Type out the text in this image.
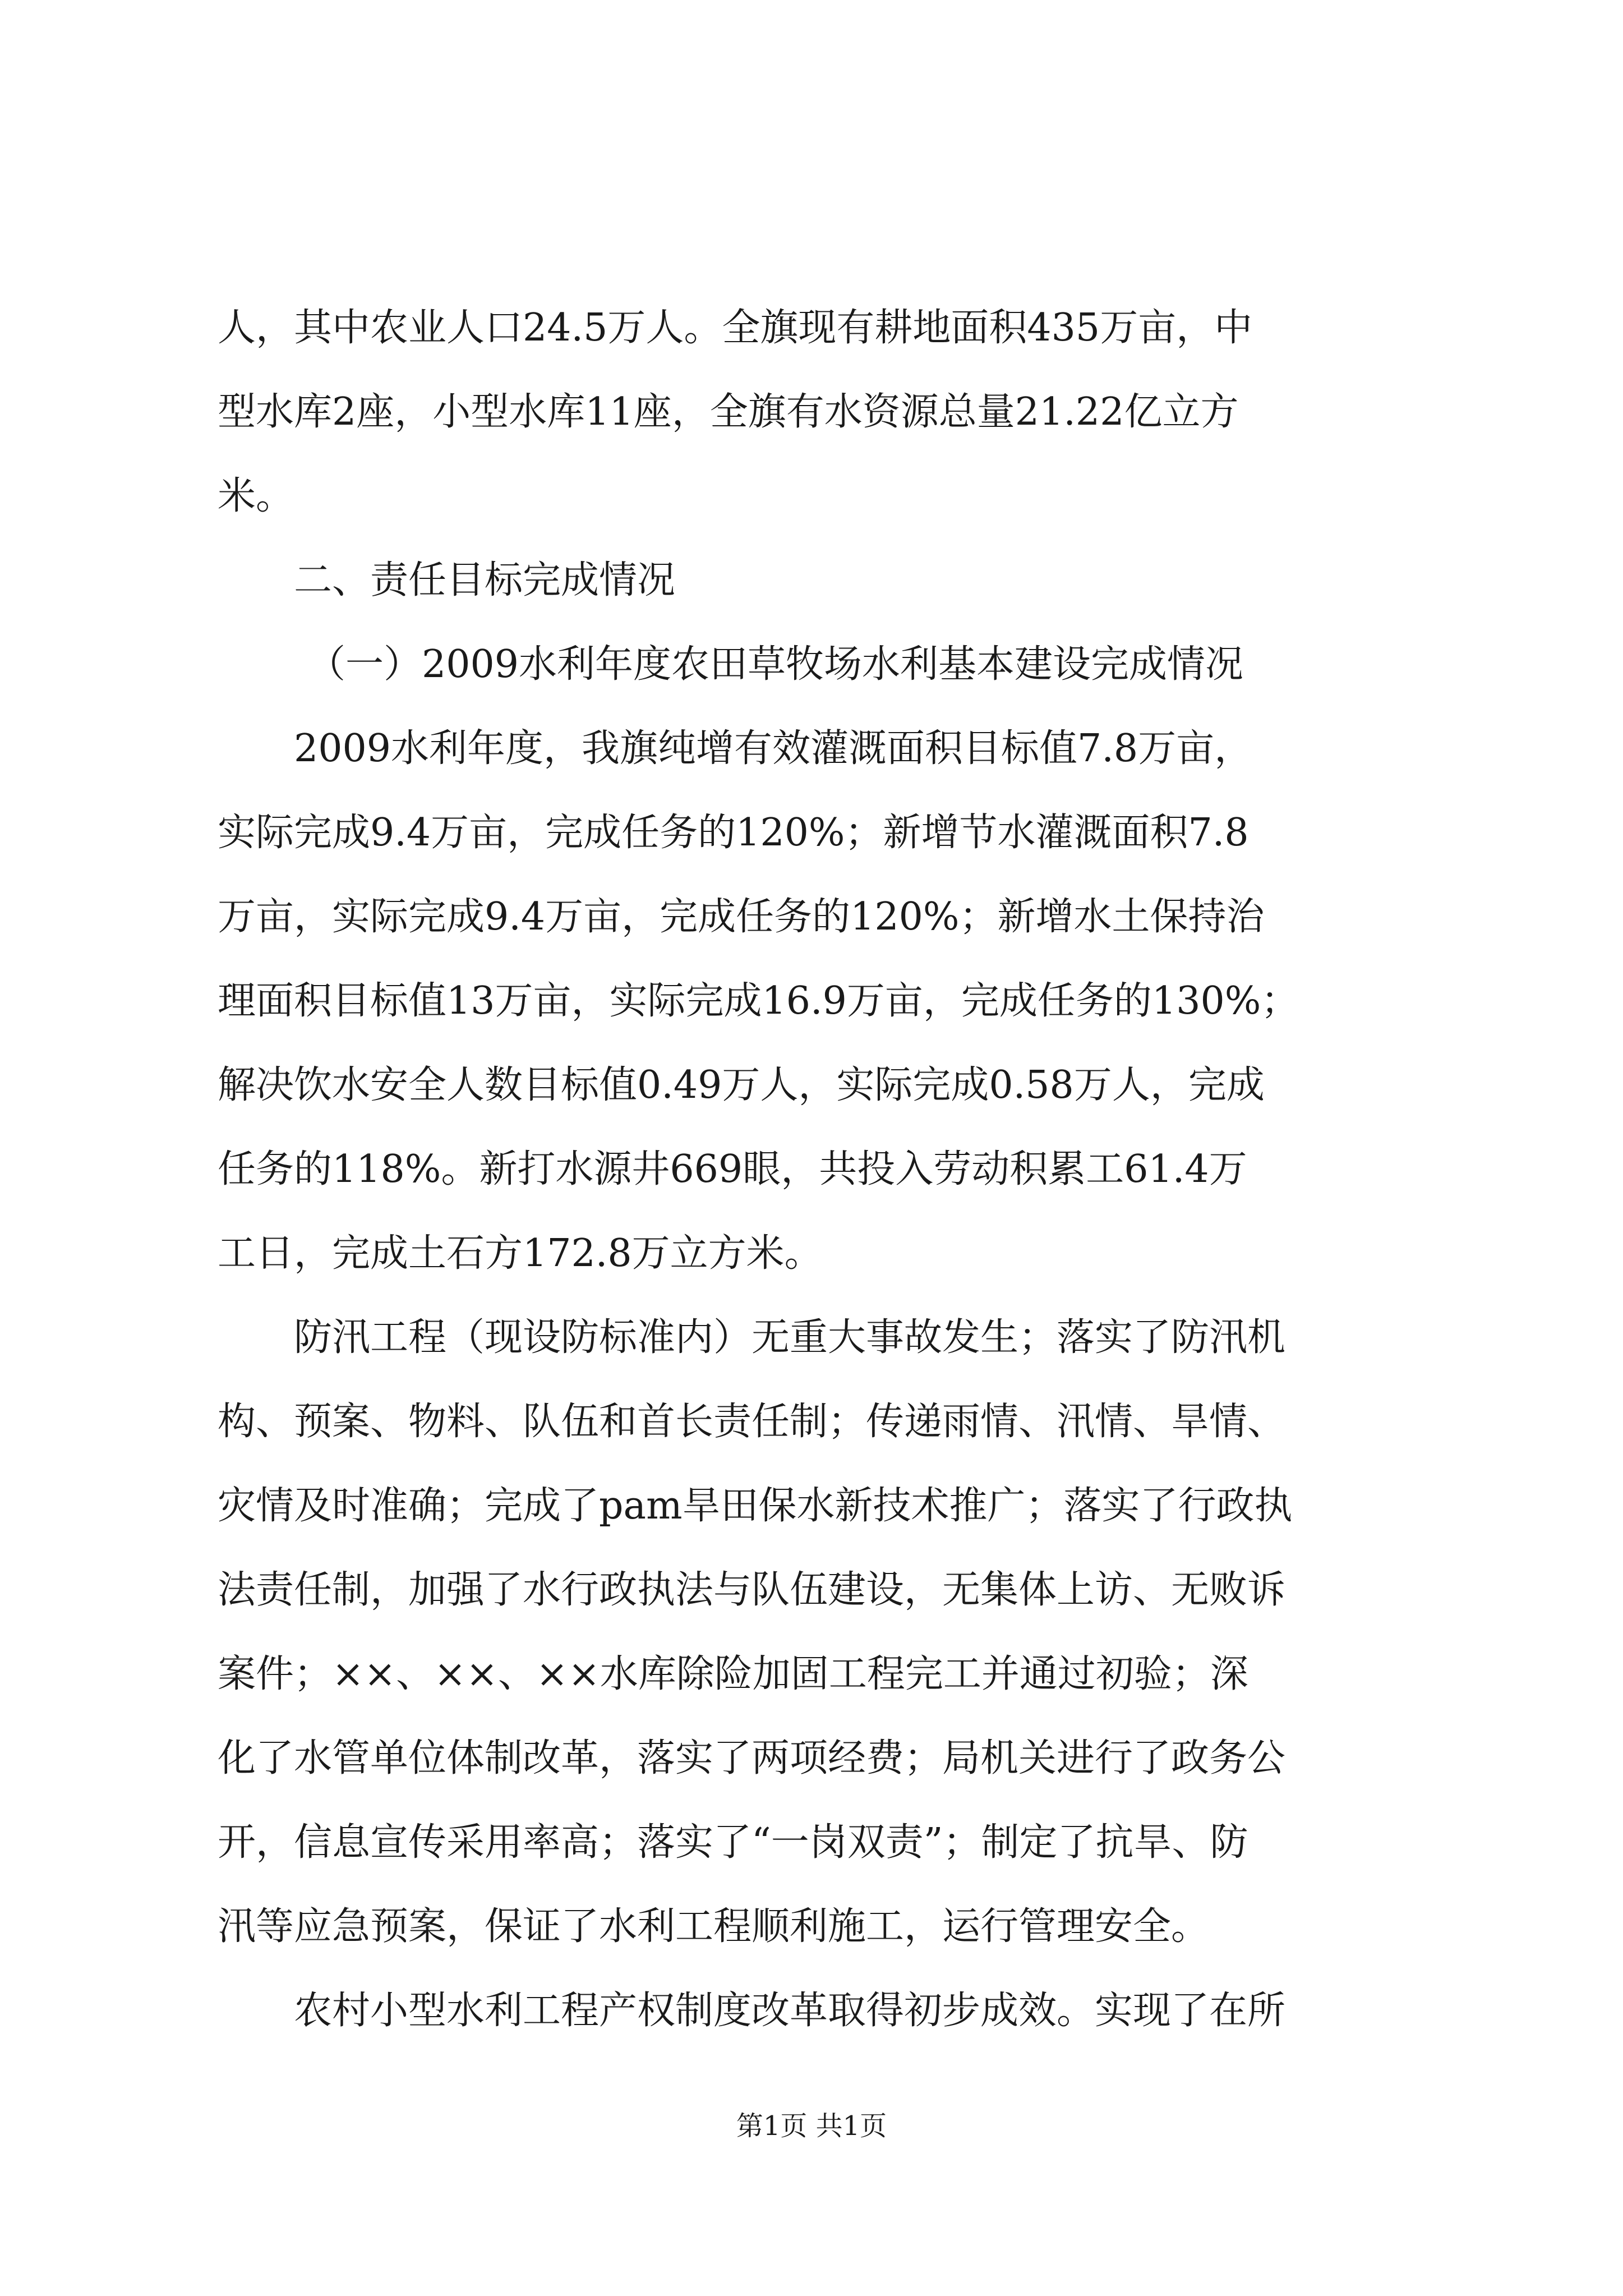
人，其中农业人口24.5万人。全旗现有耕地面积435万亩，中
型水库2座，小型水库11座，全旗有水资源总量21.22亿立方
米。
二、责任目标完成情况
（一）2009水利年度农田草牧场水利基本建设完成情况
2009水利年度，我旗纯增有效灌溉面积目标值7.8万亩，
实际完成9.4万亩，完成任务的120%；新增节水灌溉面积7.8
万亩，实际完成9.4万亩，完成任务的120%；新增水土保持治
理面积目标值13万亩，实际完成16.9万亩，完成任务的130%；
解决饮水安全人数目标值0.49万人，实际完成0.58万人，完成
任务的118%。新打水源井669眼，共投入劳动积累工61.4万
工日，完成土石方172.8万立方米。
防汛工程（现设防标准内）无重大事故发生；落实了防汛机
构、预案、物料、队伍和首长责任制；传递雨情、汛情、旱情、
灾情及时准确；完成了pam旱田保水新技术推广；落实了行政执
法责任制，加强了水行政执法与队伍建设，无集体上访、无败诉
案件；××、××、××水库除险加固工程完工并通过初验；深
化了水管单位体制改革，落实了两项经费；局机关进行了政务公
开，信息宣传采用率高；落实了“一岗双责”；制定了抗旱、防
汛等应急预案，保证了水利工程顺利施工，运行管理安全。
农村小型水利工程产权制度改革取得初步成效。实现了在所
第1页 共1页
